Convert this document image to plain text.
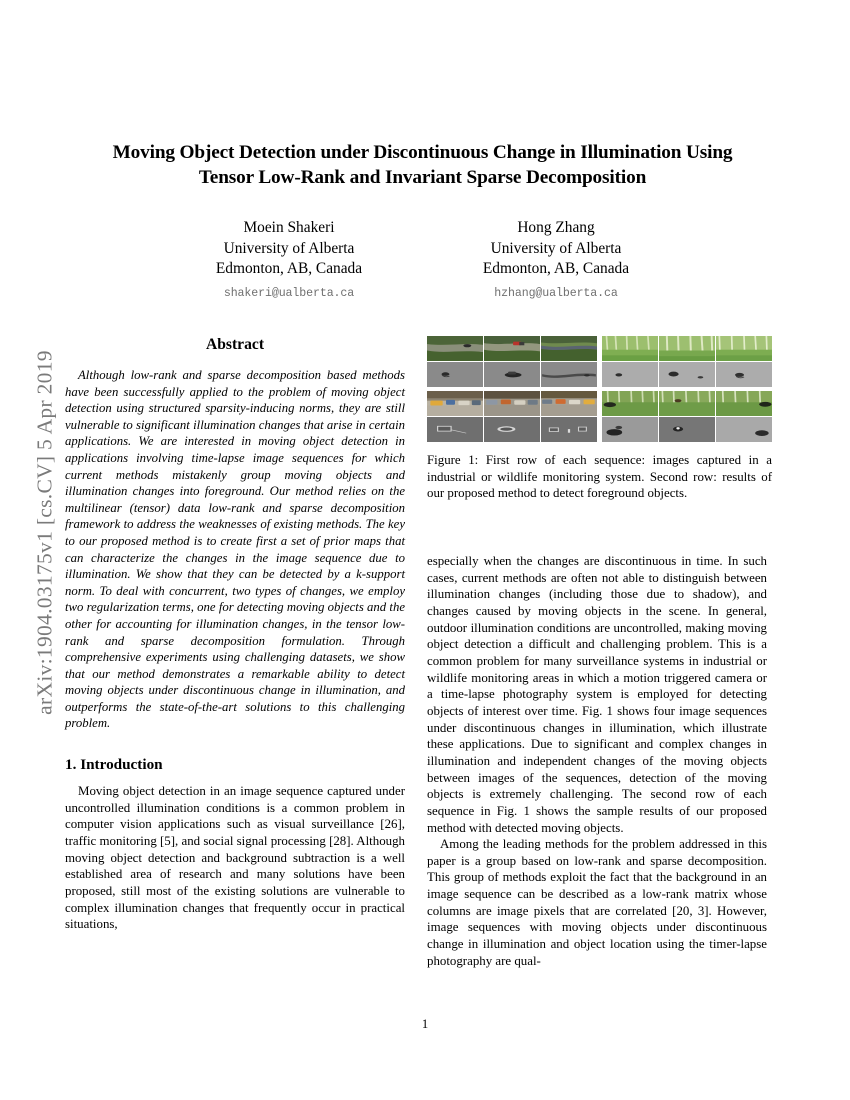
arXiv:1904.03175v1 [cs.CV] 5 Apr 2019
Moving Object Detection under Discontinuous Change in Illumination Using
Tensor Low-Rank and Invariant Sparse Decomposition
Moein Shakeri
University of Alberta
Edmonton, AB, Canada
shakeri@ualberta.ca
Hong Zhang
University of Alberta
Edmonton, AB, Canada
hzhang@ualberta.ca
Abstract

Although low-rank and sparse decomposition based methods have been successfully applied to the problem of moving object detection using structured sparsity-inducing norms, they are still vulnerable to significant illumination changes that arise in certain applications. We are interested in moving object detection in applications involving time-lapse image sequences for which current methods mistakenly group moving objects and illumination changes into foreground. Our method relies on the multilinear (tensor) data low-rank and sparse decomposition framework to address the weaknesses of existing methods. The key to our proposed method is to create first a set of prior maps that can characterize the changes in the image sequence due to illumination. We show that they can be detected by a k-support norm. To deal with concurrent, two types of changes, we employ two regularization terms, one for detecting moving objects and the other for accounting for illumination changes, in the tensor low-rank and sparse decomposition formulation. Through comprehensive experiments using challenging datasets, we show that our method demonstrates a remarkable ability to detect moving objects under discontinuous change in illumination, and outperforms the state-of-the-art solutions to this challenging problem.

1. Introduction

Moving object detection in an image sequence captured under uncontrolled illumination conditions is a common problem in computer vision applications such as visual surveillance [26], traffic monitoring [5], and social signal processing [28]. Although moving object detection and background subtraction is a well established area of research and many solutions have been proposed, still most of the existing solutions are vulnerable to complex illumination changes that frequently occur in practical situations,

Figure 1: First row of each sequence: images captured in a industrial or wildlife monitoring system. Second row: results of our proposed method to detect foreground objects.

especially when the changes are discontinuous in time. In such cases, current methods are often not able to distinguish between illumination changes (including those due to shadow), and changes caused by moving objects in the scene. In general, outdoor illumination conditions are uncontrolled, making moving object detection a difficult and challenging problem. This is a common problem for many surveillance systems in industrial or wildlife monitoring areas in which a motion triggered camera or a time-lapse photography system is employed for detecting objects of interest over time. Fig. 1 shows four image sequences under discontinuous changes in illumination, which illustrate these applications. Due to significant and complex changes in illumination and independent changes of the moving objects between images of the sequences, detection of the moving objects is extremely challenging. The second row of each sequence in Fig. 1 shows the sample results of our proposed method with detected moving objects.

Among the leading methods for the problem addressed in this paper is a group based on low-rank and sparse decomposition. This group of methods exploit the fact that the background in an image sequence can be described as a low-rank matrix whose columns are image pixels that are correlated [20, 3]. However, image sequences with moving objects under discontinuous change in illumination and object location using the timer-lapse photography are qual-

1
